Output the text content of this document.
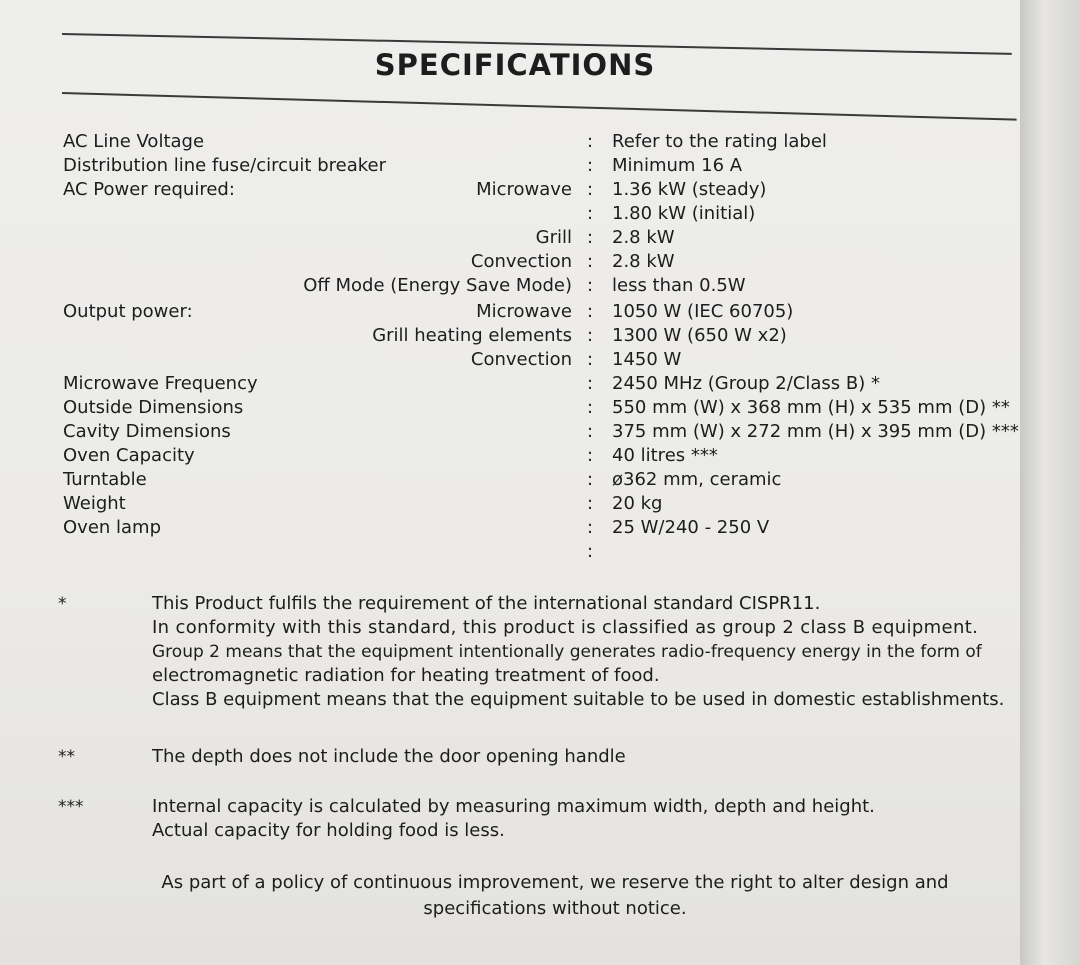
SPECIFICATIONS
AC Line Voltage	: Refer to the rating label
Distribution line fuse/circuit breaker	: Minimum 16 A
AC Power required:	Microwave : 1.36 kW (steady)
: 1.80 kW (initial)
Grill : 2.8 kW
Convection : 2.8 kW
Off Mode (Energy Save Mode) : less than 0.5W
Output power:	Microwave : 1050 W (IEC 60705)
Grill heating elements : 1300 W (650 W x2)
Convection : 1450 W
Microwave Frequency	: 2450 MHz (Group 2/Class B) *
Outside Dimensions	: 550 mm (W) x 368 mm (H) x 535 mm (D) **
Cavity Dimensions	: 375 mm (W) x 272 mm (H) x 395 mm (D) ***
Oven Capacity	: 40 litres ***
Turntable	: ø362 mm, ceramic
Weight	: 20 kg
Oven lamp	: 25 W/240 - 250 V
:
*	This Product fulfils the requirement of the international standard CISPR11.
In conformity with this standard, this product is classified as group 2 class B equipment.
Group 2 means that the equipment intentionally generates radio-frequency energy in the form of
electromagnetic radiation for heating treatment of food.
Class B equipment means that the equipment suitable to be used in domestic establishments.
**	The depth does not include the door opening handle
***	Internal capacity is calculated by measuring maximum width, depth and height.
Actual capacity for holding food is less.
As part of a policy of continuous improvement, we reserve the right to alter design and
specifications without notice.
